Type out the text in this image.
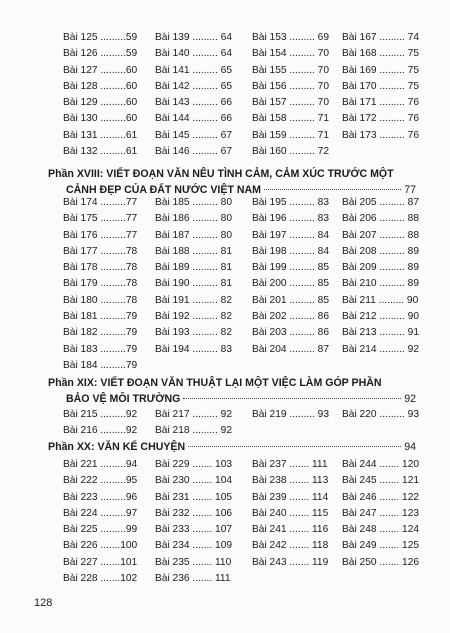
Bài 125 .........59	Bài 139 ......... 64	Bài 153 ......... 69	Bài 167 ......... 74
Bài 126 .........59	Bài 140 ......... 64	Bài 154 ......... 70	Bài 168 ......... 75
Bài 127 .........60	Bài 141 ......... 65	Bài 155 ......... 70	Bài 169 ......... 75
Bài 128 .........60	Bài 142 ......... 65	Bài 156 ......... 70	Bài 170 ......... 75
Bài 129 .........60	Bài 143 ......... 66	Bài 157 ......... 70	Bài 171 ......... 76
Bài 130 .........60	Bài 144 ......... 66	Bài 158 ......... 71	Bài 172 ......... 76
Bài 131 .........61	Bài 145 ......... 67	Bài 159 ......... 71	Bài 173 ......... 76
Bài 132 .........61	Bài 146 ......... 67	Bài 160 ......... 72
Phần XVIII: VIẾT ĐOẠN VĂN NÊU TÌNH CẢM, CẢM XÚC TRƯỚC MỘT
CẢNH ĐẸP CỦA ĐẤT NƯỚC VIỆT NAM	77
Bài 174 .........77	Bài 185 ......... 80	Bài 195 ......... 83	Bài 205 ......... 87
Bài 175 .........77	Bài 186 ......... 80	Bài 196 ......... 83	Bài 206 ......... 88
Bài 176 .........77	Bài 187 ......... 80	Bài 197 ......... 84	Bài 207 ......... 88
Bài 177 .........78	Bài 188 ......... 81	Bài 198 ......... 84	Bài 208 ......... 89
Bài 178 .........78	Bài 189 ......... 81	Bài 199 ......... 85	Bài 209 ......... 89
Bài 179 .........78	Bài 190 ......... 81	Bài 200 ......... 85	Bài 210 ......... 89
Bài 180 .........78	Bài 191 ......... 82	Bài 201 ......... 85	Bài 211 ......... 90
Bài 181 .........79	Bài 192 ......... 82	Bài 202 ......... 86	Bài 212 ......... 90
Bài 182 .........79	Bài 193 ......... 82	Bài 203 ......... 86	Bài 213 ......... 91
Bài 183 .........79	Bài 194 ......... 83	Bài 204 ......... 87	Bài 214 ......... 92
Bài 184 .........79
Phần XIX: VIẾT ĐOẠN VĂN THUẬT LẠI MỘT VIỆC LÀM GÓP PHẦN
BẢO VỆ MÔI TRƯỜNG	92
Bài 215 .........92	Bài 217 ......... 92	Bài 219 ......... 93	Bài 220 ......... 93
Bài 216 .........92	Bài 218 ......... 92
Phần XX: VĂN KỂ CHUYỆN	94
Bài 221 .........94	Bài 229 ....... 103	Bài 237 ....... 111	Bài 244 ....... 120
Bài 222 .........95	Bài 230 ....... 104	Bài 238 ....... 113	Bài 245 ....... 121
Bài 223 .........96	Bài 231 ....... 105	Bài 239 ....... 114	Bài 246 ....... 122
Bài 224 .........97	Bài 232 ....... 106	Bài 240 ....... 115	Bài 247 ....... 123
Bài 225 .........99	Bài 233 ....... 107	Bài 241 ....... 116	Bài 248 ....... 124
Bài 226 .......100	Bài 234 ....... 109	Bài 242 ....... 118	Bài 249 ....... 125
Bài 227 .......101	Bài 235 ....... 110	Bài 243 ....... 119	Bài 250 ....... 126
Bài 228 .......102	Bài 236 ....... 111
128
